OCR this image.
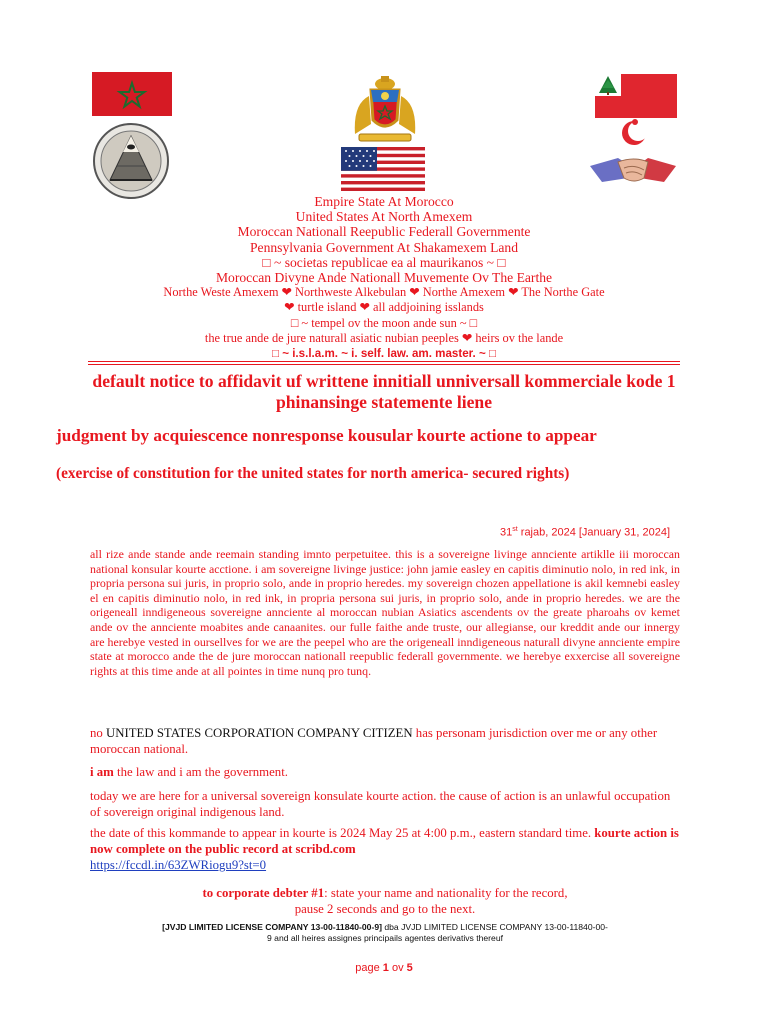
Empire State At Morocco
United States At North Amexem
Moroccan Nationall Reepublic Federall Governmente
Pennsylvania Government At Shakamexem Land
□ ~ societas republicae ea al maurikanos ~ □
Moroccan Divyne Ande Nationall Muvemente Ov The Earthe
Northe Weste Amexem ❤ Northweste Alkebulan ❤ Northe Amexem ❤ The Northe Gate
❤ turtle island ❤ all addjoining isslands
□ ~ tempel ov the moon ande sun ~ □
the true ande de jure naturall asiatic nubian peeples ❤ heirs ov the lande
□ ~ i.s.l.a.m. ~ i. self. law. am. master. ~ □
default notice to affidavit uf writtene innitiall unniversall kommerciale kode 1 phinansinge statemente liene
judgment by acquiescence nonresponse kousular kourte actione to appear
(exercise of constitution for the united states for north america- secured rights)
31st rajab, 2024 [January 31, 2024]
all rize ande stande ande reemain standing imnto perpetuitee. this is a sovereigne livinge annciente artiklle iii moroccan national konsular kourte acctione. i am sovereigne livinge justice: john jamie easley en capitis diminutio nolo, in red ink, in propria persona sui juris, in proprio solo, ande in proprio heredes. my sovereign chozen appellatione is akil kemnebi easley el en capitis diminutio nolo, in red ink, in propria persona sui juris, in proprio solo, ande in proprio heredes. we are the origeneall inndigeneous sovereigne annciente al moroccan nubian Asiatics ascendents ov the greate pharoahs ov kemet ande ov the annciente moabites ande canaanites. our fulle faithe ande truste, our allegianse, our kreddit ande our innergy are herebye vested in oursellves for we are the peepel who are the origeneall inndigeneous naturall divyne annciente empire state at morocco ande the de jure moroccan nationall reepublic federall governmente. we herebye exxercise all sovereigne rights at this time ande at all pointes in time nunq pro tunq.
no UNITED STATES CORPORATION COMPANY CITIZEN has personam jurisdiction over me or any other moroccan national.
i am the law and i am the government.
today we are here for a universal sovereign konsulate kourte action. the cause of action is an unlawful occupation of sovereign original indigenous land.
the date of this kommande to appear in kourte is 2024 May 25 at 4:00 p.m., eastern standard time. kourte action is now complete on the public record at scribd.com
https://fccdl.in/63ZWRiogu9?st=0
to corporate debter #1: state your name and nationality for the record,
pause 2 seconds and go to the next.
[JVJD LIMITED LICENSE COMPANY 13-00-11840-00-9] dba JVJD LIMITED LICENSE COMPANY 13-00-11840-00-9 and all heires assignes principails agentes derivativs thereuf
page 1 ov 5
